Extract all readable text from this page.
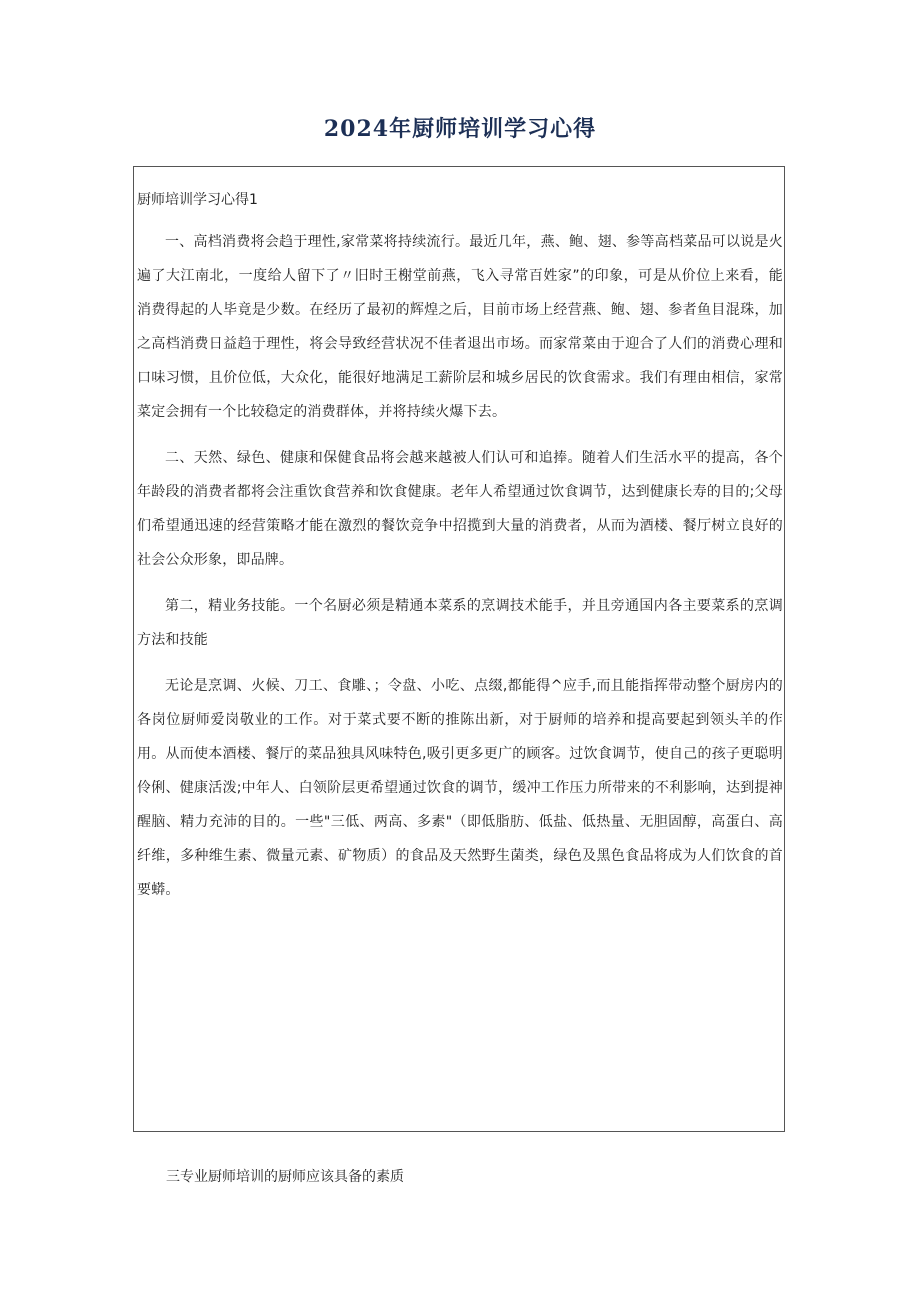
2024年厨师培训学习心得
厨师培训学习心得1

一、高档消费将会趋于理性,家常菜将持续流行。最近几年，燕、鲍、翅、参等高档菜品可以说是火遍了大江南北，一度给人留下了〃旧时王榭堂前燕，飞入寻常百姓家”的印象，可是从价位上来看，能消费得起的人毕竟是少数。在经历了最初的辉煌之后，目前市场上经营燕、鲍、翅、参者鱼目混珠，加之高档消费日益趋于理性，将会导致经营状况不佳者退出市场。而家常菜由于迎合了人们的消费心理和口味习惯，且价位低，大众化，能很好地满足工薪阶层和城乡居民的饮食需求。我们有理由相信，家常菜定会拥有一个比较稳定的消费群体，并将持续火爆下去。

二、天然、绿色、健康和保健食品将会越来越被人们认可和追捧。随着人们生活水平的提高，各个年龄段的消费者都将会注重饮食营养和饮食健康。老年人希望通过饮食调节，达到健康长寿的目的;父母们希望通迅速的经营策略才能在激烈的餐饮竞争中招揽到大量的消费者，从而为酒楼、餐厅树立良好的社会公众形象，即品牌。

第二，精业务技能。一个名厨必须是精通本菜系的烹调技术能手，并且旁通国内各主要菜系的烹调方法和技能

无论是烹调、火候、刀工、食雕、；令盘、小吃、点缀,都能得^应手,而且能指挥带动整个厨房内的各岗位厨师爱岗敬业的工作。对于菜式要不断的推陈出新，对于厨师的培养和提高要起到领头羊的作用。从而使本酒楼、餐厅的菜品独具风味特色,吸引更多更广的顾客。过饮食调节，使自己的孩子更聪明伶俐、健康活泼;中年人、白领阶层更希望通过饮食的调节，缓冲工作压力所带来的不利影响，达到提神醒脑、精力充沛的目的。一些"三低、两高、多素"（即低脂肪、低盐、低热量、无胆固醇，高蛋白、高纤维，多种维生素、微量元素、矿物质）的食品及天然野生菌类，绿色及黑色食品将成为人们饮食的首要蟒。

三专业厨师培训的厨师应该具备的素质
